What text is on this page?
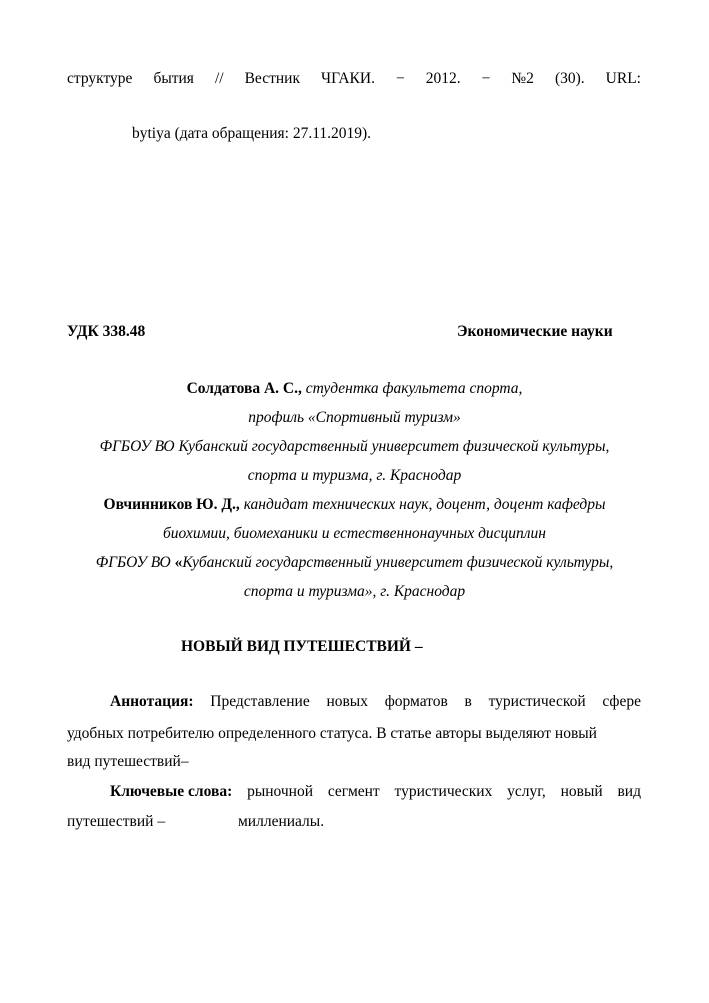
структуре бытия // Вестник ЧГАКИ. − 2012. − №2 (30). URL:
bytiya (дата обращения: 27.11.2019).
УДК 338.48	Экономические науки
Солдатова А. С., студентка факультета спорта,
профиль «Спортивный туризм»
ФГБОУ ВО Кубанский государственный университет физической культуры,
спорта и туризма, г. Краснодар
Овчинников Ю. Д., кандидат технических наук, доцент, доцент кафедры
биохимии, биомеханики и естественнонаучных дисциплин
ФГБОУ ВО «Кубанский государственный университет физической культуры,
спорта и туризма», г. Краснодар
НОВЫЙ ВИД ПУТЕШЕСТВИЙ –
Аннотация: Представление новых форматов в туристической сфере
удобных потребителю определенного статуса. В статье авторы выделяют новый
вид путешествий–
Ключевые слова: рыночной сегмент туристических услуг, новый вид
путешествий –	миллениалы.
